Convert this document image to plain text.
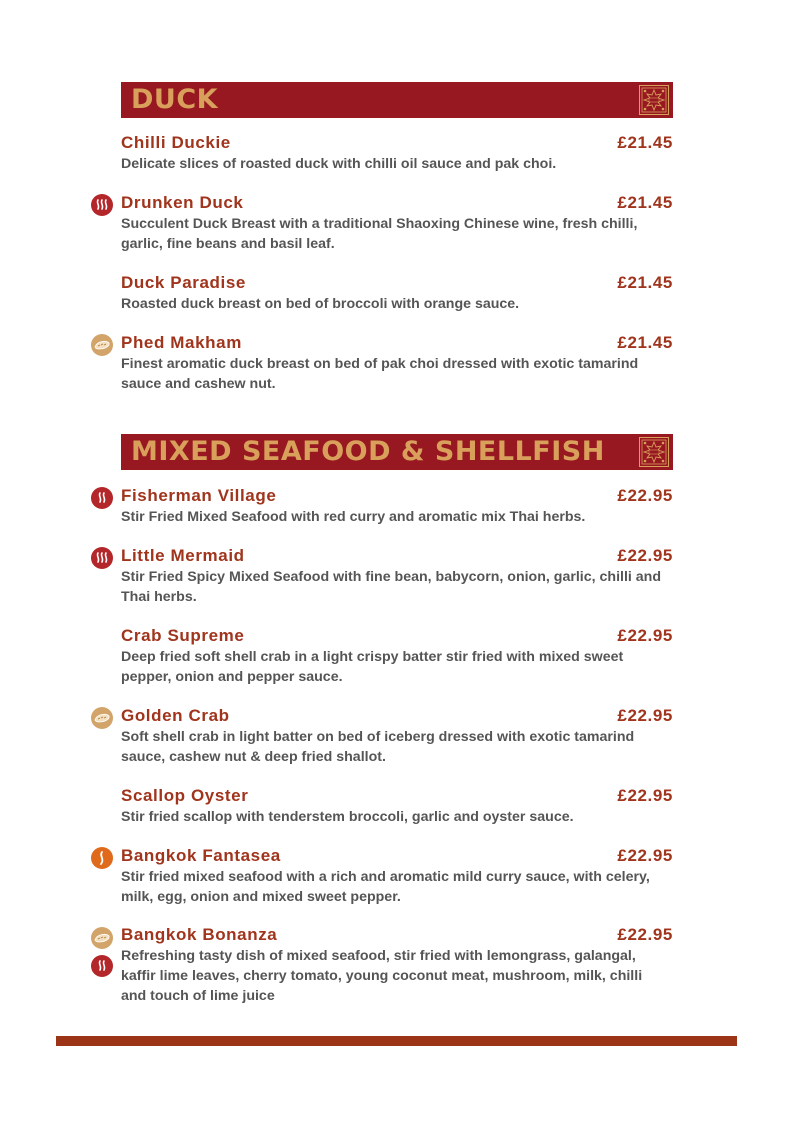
DUCK
Chilli Duckie	£21.45
Delicate slices of roasted duck with chilli oil sauce and pak choi.
Drunken Duck	£21.45
Succulent Duck Breast with a traditional Shaoxing Chinese wine, fresh chilli, garlic, fine beans and basil leaf.
Duck Paradise	£21.45
Roasted duck breast on bed of broccoli with orange sauce.
Phed Makham	£21.45
Finest aromatic duck breast on bed of pak choi dressed with exotic tamarind sauce and cashew nut.
MIXED SEAFOOD & SHELLFISH
Fisherman Village	£22.95
Stir Fried Mixed Seafood with red curry and aromatic mix Thai herbs.
Little Mermaid	£22.95
Stir Fried Spicy Mixed Seafood with fine bean, babycorn, onion, garlic, chilli and Thai herbs.
Crab Supreme	£22.95
Deep fried soft shell crab in a light crispy batter stir fried with mixed sweet pepper, onion and pepper sauce.
Golden Crab	£22.95
Soft shell crab in light batter on bed of iceberg dressed with exotic tamarind sauce, cashew nut & deep fried shallot.
Scallop Oyster	£22.95
Stir fried scallop with tenderstem broccoli, garlic and oyster sauce.
Bangkok Fantasea	£22.95
Stir fried mixed seafood with a rich and aromatic mild curry sauce, with celery, milk, egg, onion and mixed sweet pepper.
Bangkok Bonanza	£22.95
Refreshing tasty dish of mixed seafood, stir fried with lemongrass, galangal, kaffir lime leaves, cherry tomato, young coconut meat, mushroom, milk, chilli and touch of lime juice
